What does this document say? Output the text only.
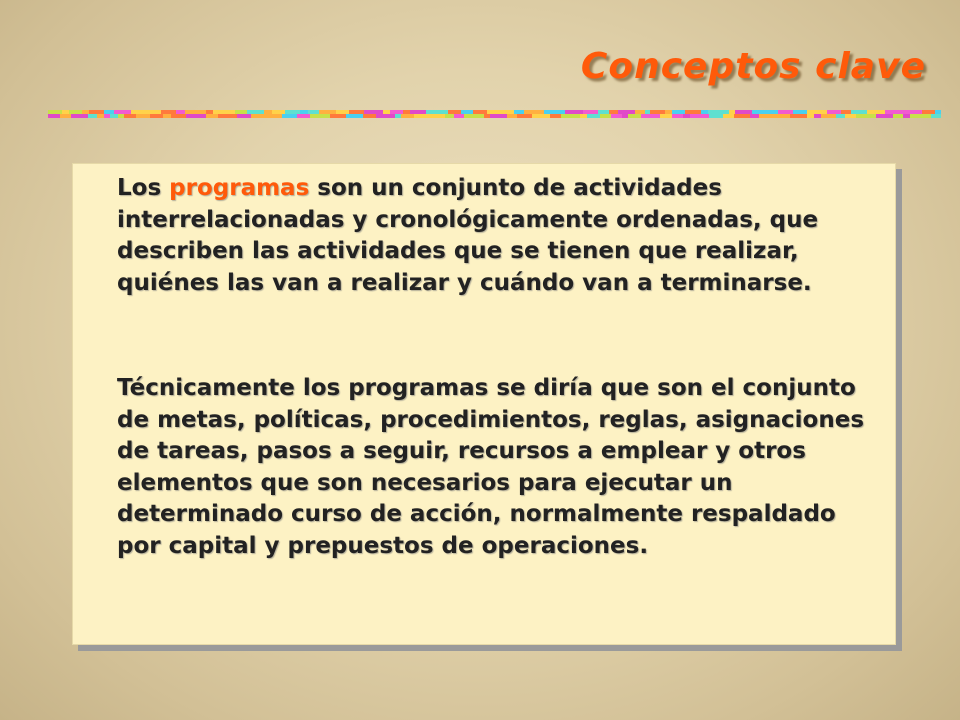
Conceptos clave

Los programas son un conjunto de actividades interrelacionadas y cronológicamente ordenadas, que describen las actividades que se tienen que realizar, quiénes las van a realizar y cuándo van a terminarse.

Técnicamente los programas se diría que son el conjunto de metas, políticas, procedimientos, reglas, asignaciones de tareas, pasos a seguir, recursos a emplear y otros elementos que son necesarios para ejecutar un determinado curso de acción, normalmente respaldado por capital y prepuestos de operaciones.
